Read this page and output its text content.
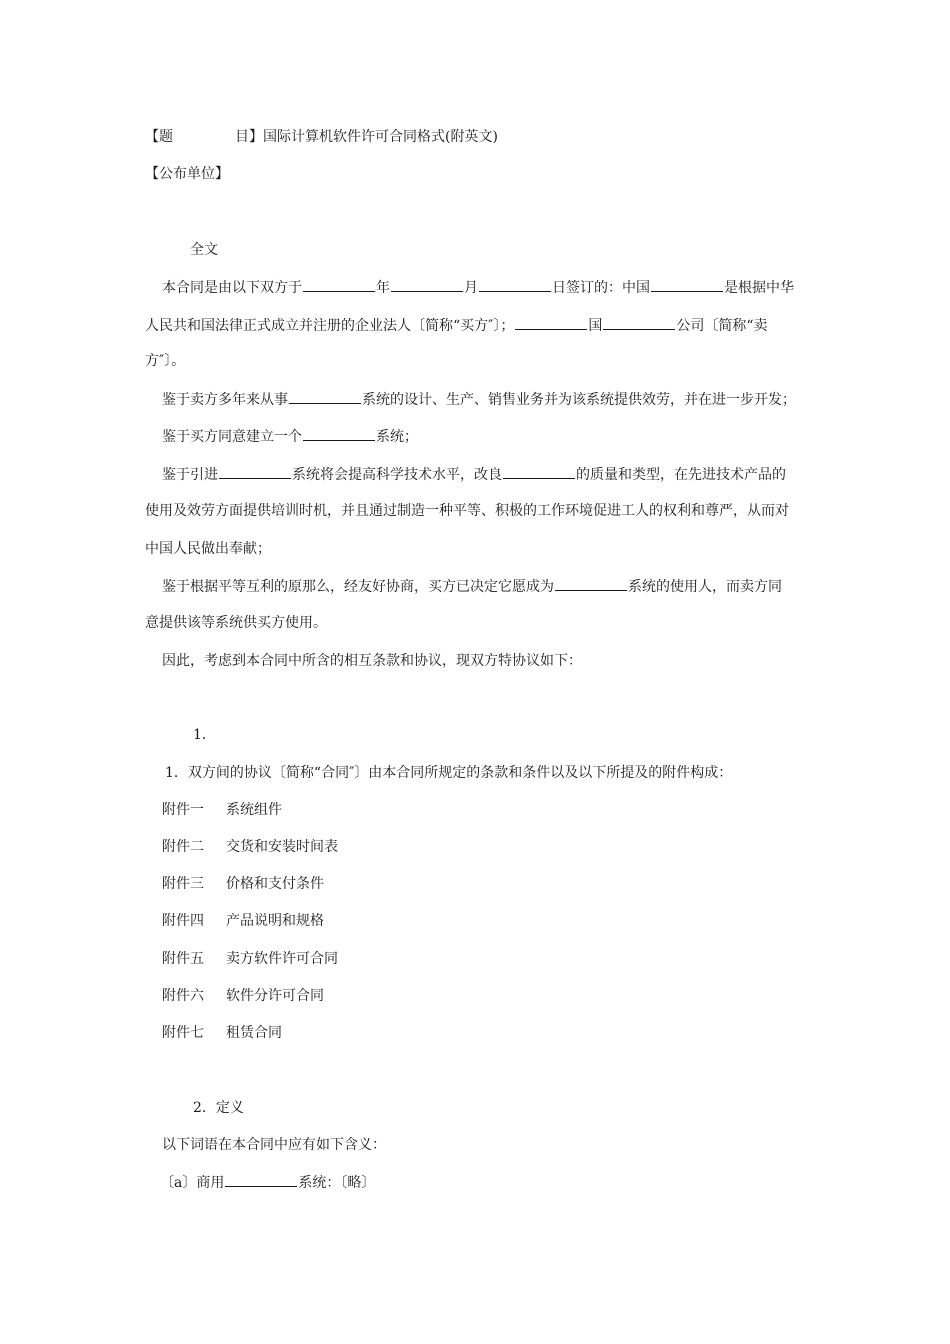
【题	目】国际计算机软件许可合同格式(附英文)
【公布单位】
全文
本合同是由以下双方于	年	月	日签订的：中国	是根据中华
人民共和国法律正式成立并注册的企业法人〔简称“买方″〕；	国	公司〔简称“卖
方″〕。
鉴于卖方多年来从事	系统的设计、生产、销售业务并为该系统提供效劳，并在进一步开发；
鉴于买方同意建立一个	系统；
鉴于引进	系统将会提高科学技术水平，改良	的质量和类型，在先进技术产品的
使用及效劳方面提供培训时机，并且通过制造一种平等、积极的工作环境促进工人的权利和尊严，从而对
中国人民做出奉献；
鉴于根据平等互利的原那么，经友好协商，买方已决定它愿成为	系统的使用人，而卖方同
意提供该等系统供买方使用。
因此，考虑到本合同中所含的相互条款和协议，现双方特协议如下：
1．
1．双方间的协议〔简称“合同″〕由本合同所规定的条款和条件以及以下所提及的附件构成：
附件一 系统组件
附件二 交货和安装时间表
附件三 价格和支付条件
附件四 产品说明和规格
附件五 卖方软件许可合同
附件六 软件分许可合同
附件七 租赁合同
2．定义
以下词语在本合同中应有如下含义：
〔a〕商用	系统：〔略〕
